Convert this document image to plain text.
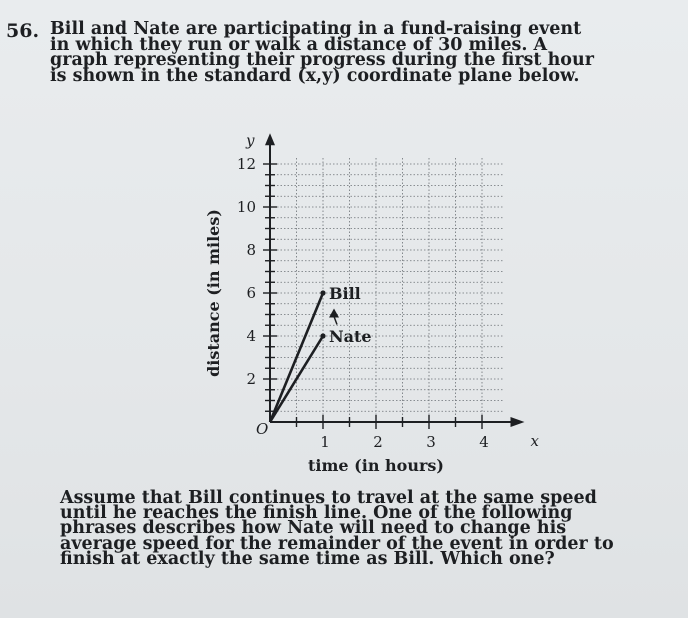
56. Bill and Nate are participating in a fund-raising event
in which they run or walk a distance of 30 miles. A
graph representing their progress during the first hour
is shown in the standard (x,y) coordinate plane below.
2
4
6
8
10
12
1	2	3	4
y
x
O
time (in hours)
distance (in miles)	Bill
Nate
Assume that Bill continues to travel at the same speed
until he reaches the finish line. One of the following
phrases describes how Nate will need to change his
average speed for the remainder of the event in order to
finish at exactly the same time as Bill. Which one?
